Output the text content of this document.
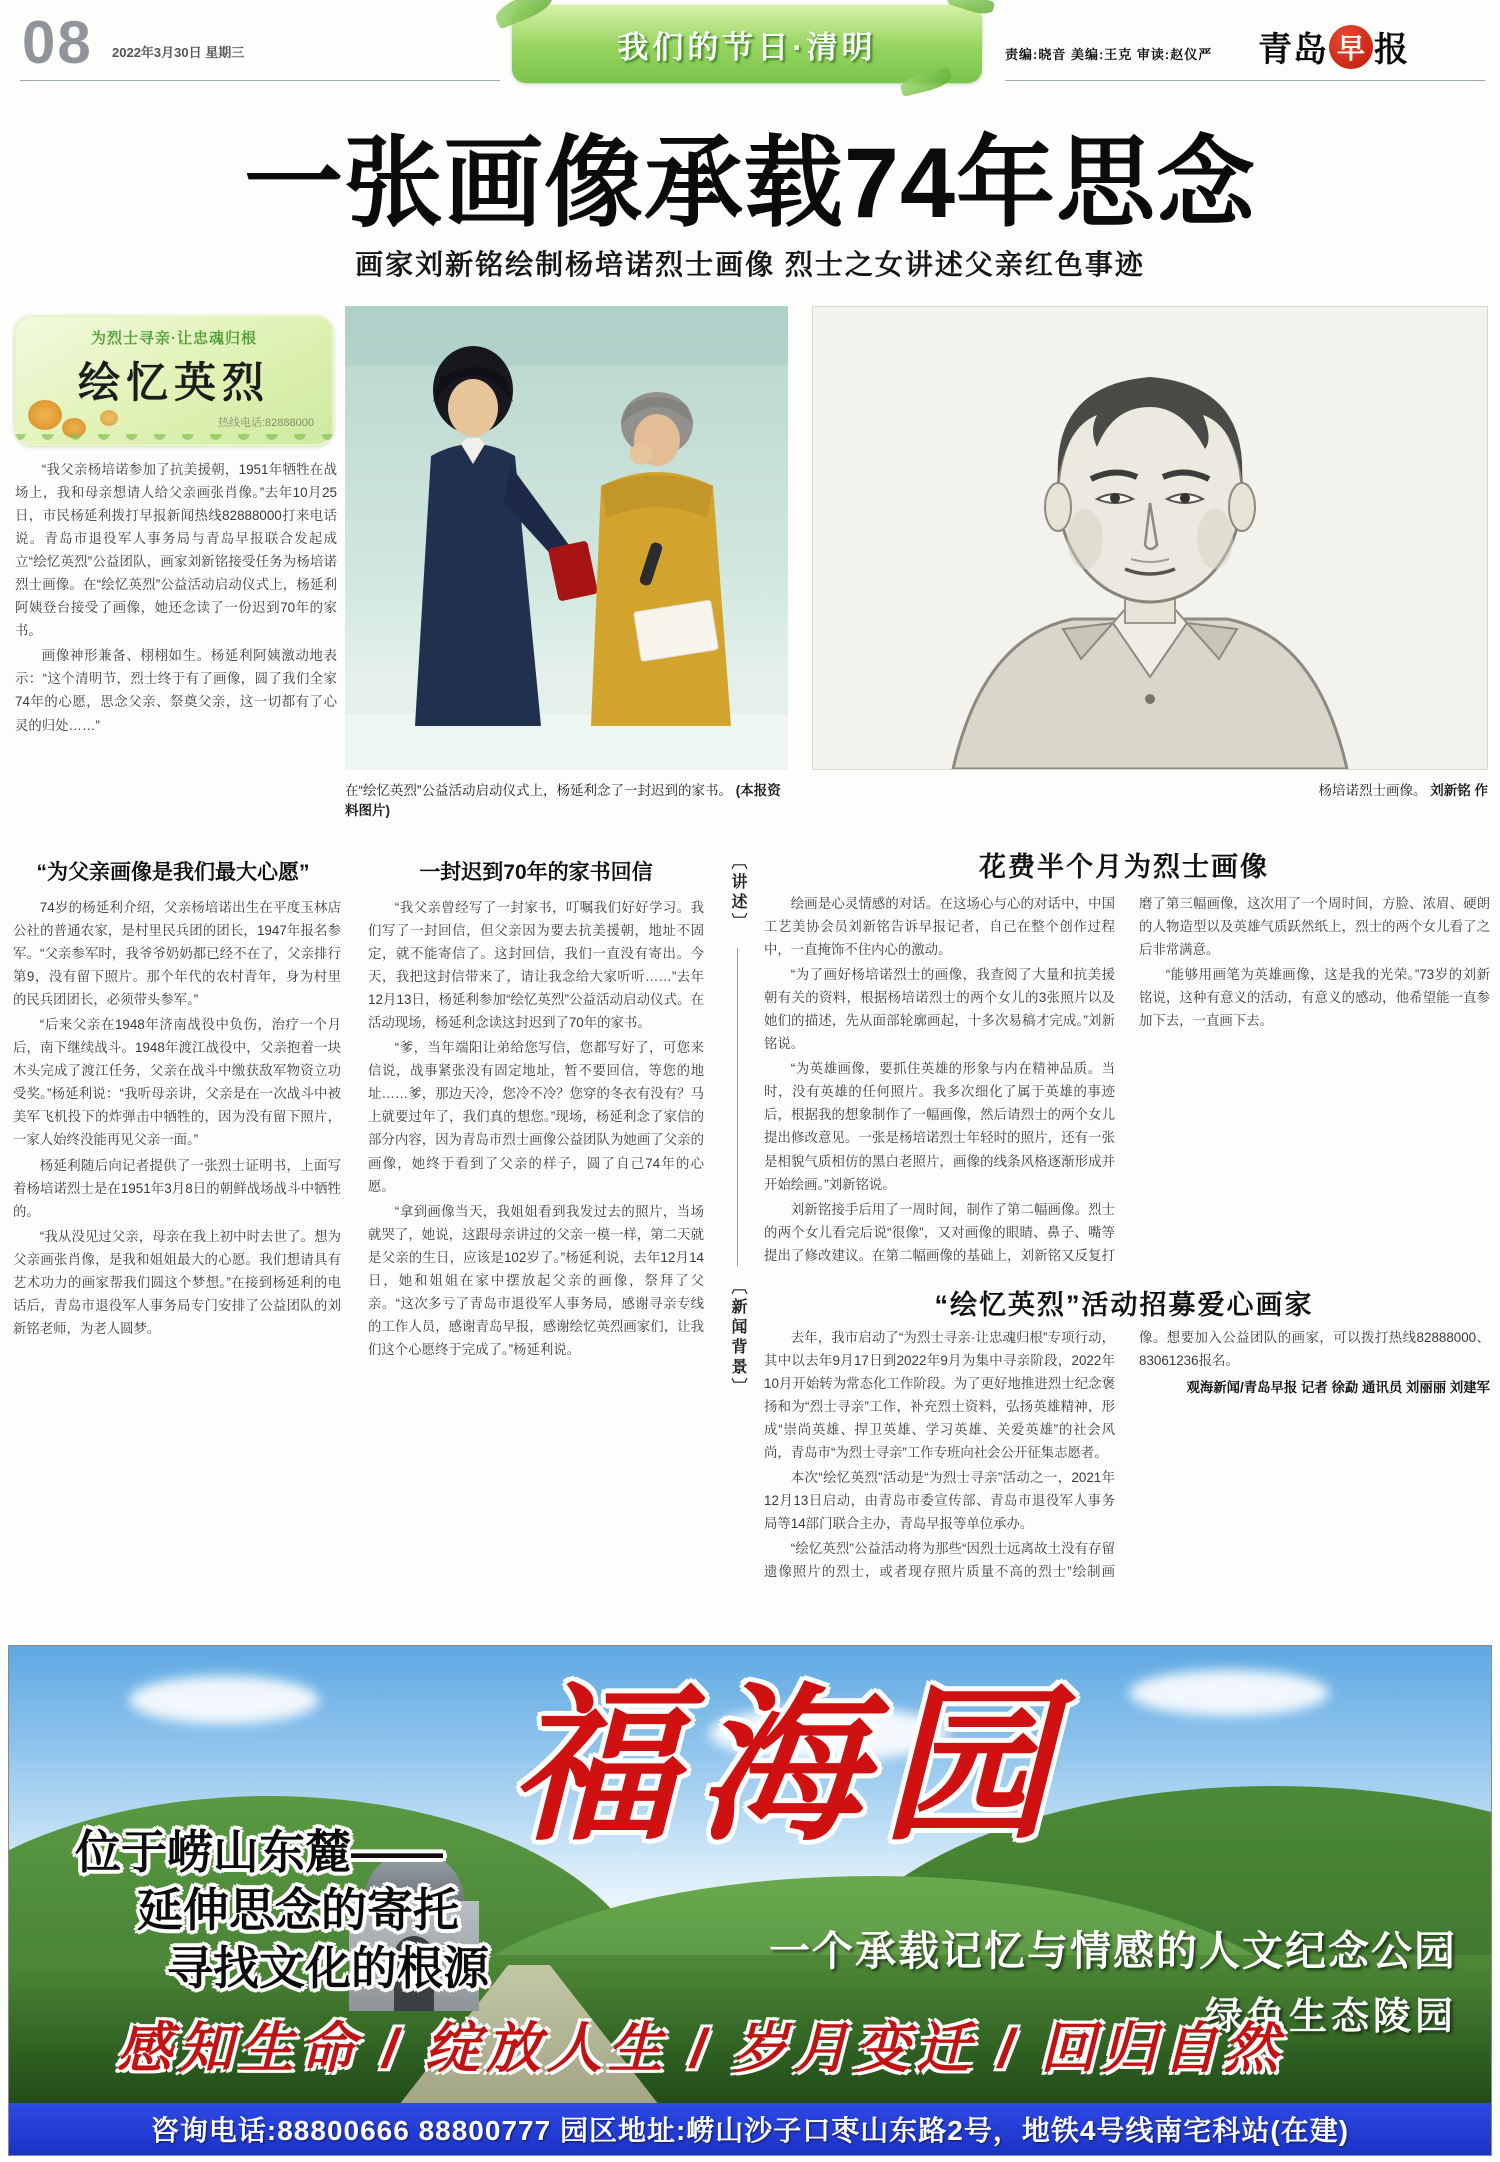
08 2022年3月30日 星期三	我们的节日·清明	责编:晓音 美编:王克 审读:赵仪严 青岛 早 报
一张画像承载74年思念
画家刘新铭绘制杨培诺烈士画像 烈士之女讲述父亲红色事迹
为烈士寻亲·让忠魂归根
绘忆英烈
热线电话:82888000

“我父亲杨培诺参加了抗美援朝，1951年牺牲在战场上，我和母亲想请人给父亲画张肖像。”去年10月25日，市民杨延利拨打早报新闻热线82888000打来电话说。青岛市退役军人事务局与青岛早报联合发起成立“绘忆英烈”公益团队，画家刘新铭接受任务为杨培诺烈士画像。在“绘忆英烈”公益活动启动仪式上，杨延利阿姨登台接受了画像，她还念读了一份迟到70年的家书。

画像神形兼备、栩栩如生。杨延利阿姨激动地表示：“这个清明节，烈士终于有了画像，圆了我们全家74年的心愿，思念父亲、祭奠父亲，这一切都有了心灵的归处……”

在“绘忆英烈”公益活动启动仪式上，杨延利念了一封迟到的家书。 (本报资料图片)
杨培诺烈士画像。 刘新铭 作
“为父亲画像是我们最大心愿”

74岁的杨延利介绍，父亲杨培诺出生在平度玉林店公社的普通农家，是村里民兵团的团长，1947年报名参军。“父亲参军时，我爷爷奶奶都已经不在了，父亲排行第9，没有留下照片。那个年代的农村青年，身为村里的民兵团团长，必须带头参军。”

“后来父亲在1948年济南战役中负伤，治疗一个月后，南下继续战斗。1948年渡江战役中，父亲抱着一块木头完成了渡江任务，父亲在战斗中缴获敌军物资立功受奖。”杨延利说：“我听母亲讲，父亲是在一次战斗中被美军飞机投下的炸弹击中牺牲的，因为没有留下照片，一家人始终没能再见父亲一面。”

杨延利随后向记者提供了一张烈士证明书，上面写着杨培诺烈士是在1951年3月8日的朝鲜战场战斗中牺牲的。

“我从没见过父亲，母亲在我上初中时去世了。想为父亲画张肖像，是我和姐姐最大的心愿。我们想请具有艺术功力的画家帮我们圆这个梦想。”在接到杨延利的电话后，青岛市退役军人事务局专门安排了公益团队的刘新铭老师，为老人圆梦。

一封迟到70年的家书回信

“我父亲曾经写了一封家书，叮嘱我们好好学习。我们写了一封回信，但父亲因为要去抗美援朝，地址不固定，就不能寄信了。这封回信，我们一直没有寄出。今天，我把这封信带来了，请让我念给大家听听……”去年12月13日，杨延利参加“绘忆英烈”公益活动启动仪式。在活动现场，杨延利念读这封迟到了70年的家书。

“爹，当年端阳让弟给您写信，您都写好了，可您来信说，战事紧张没有固定地址，暂不要回信，等您的地址……爹，那边天冷，您冷不冷？您穿的冬衣有没有？马上就要过年了，我们真的想您。”现场，杨延利念了家信的部分内容，因为青岛市烈士画像公益团队为她画了父亲的画像，她终于看到了父亲的样子，圆了自己74年的心愿。

“拿到画像当天，我姐姐看到我发过去的照片，当场就哭了，她说，这跟母亲讲过的父亲一模一样，第二天就是父亲的生日，应该是102岁了。”杨延利说，去年12月14日，她和姐姐在家中摆放起父亲的画像，祭拜了父亲。“这次多亏了青岛市退役军人事务局，感谢寻亲专线的工作人员，感谢青岛早报，感谢绘忆英烈画家们，让我们这个心愿终于完成了。”杨延利说。

〔讲述〕
〔新闻背景〕
花费半个月为烈士画像

绘画是心灵情感的对话。在这场心与心的对话中，中国工艺美协会员刘新铭告诉早报记者，自己在整个创作过程中，一直掩饰不住内心的激动。

“为了画好杨培诺烈士的画像，我查阅了大量和抗美援朝有关的资料，根据杨培诺烈士的两个女儿的3张照片以及她们的描述，先从面部轮廓画起，十多次易稿才完成。”刘新铭说。

“为英雄画像，要抓住英雄的形象与内在精神品质。当时，没有英雄的任何照片。我多次细化了属于英雄的事迹后，根据我的想象制作了一幅画像，然后请烈士的两个女儿提出修改意见。一张是杨培诺烈士年轻时的照片，还有一张是相貌气质相仿的黑白老照片，画像的线条风格逐渐形成并开始绘画。”刘新铭说。

刘新铭接手后用了一周时间，制作了第二幅画像。烈士的两个女儿看完后说“很像”，又对画像的眼睛、鼻子、嘴等提出了修改建议。在第二幅画像的基础上，刘新铭又反复打磨了第三幅画像，这次用了一个周时间，方脸、浓眉、硬朗的人物造型以及英雄气质跃然纸上，烈士的两个女儿看了之后非常满意。

“能够用画笔为英雄画像，这是我的光荣。”73岁的刘新铭说，这种有意义的活动，有意义的感动，他希望能一直参加下去，一直画下去。

“绘忆英烈”活动招募爱心画家

去年，我市启动了“为烈士寻亲·让忠魂归根”专项行动，其中以去年9月17日到2022年9月为集中寻亲阶段，2022年10月开始转为常态化工作阶段。为了更好地推进烈士纪念褒扬和为“烈士寻亲”工作，补充烈士资料，弘扬英雄精神，形成“崇尚英雄、捍卫英雄、学习英雄、关爱英雄”的社会风尚，青岛市“为烈士寻亲”工作专班向社会公开征集志愿者。

本次“绘忆英烈”活动是“为烈士寻亲”活动之一，2021年12月13日启动，由青岛市委宣传部、青岛市退役军人事务局等14部门联合主办，青岛早报等单位承办。

“绘忆英烈”公益活动将为那些“因烈士远离故土没有存留遗像照片的烈士，或者现存照片质量不高的烈士”绘制画像。想要加入公益团队的画家，可以拨打热线82888000、83061236报名。

观海新闻/青岛早报 记者 徐勐 通讯员 刘丽丽 刘建军

福海园
位于崂山东麓——
延伸思念的寄托
寻找文化的根源	一个承载记忆与情感的人文纪念公园
绿色生态陵园
感知生命 / 绽放人生 / 岁月变迁 / 回归自然
咨询电话:88800666 88800777 园区地址:崂山沙子口枣山东路2号，地铁4号线南宅科站(在建)
